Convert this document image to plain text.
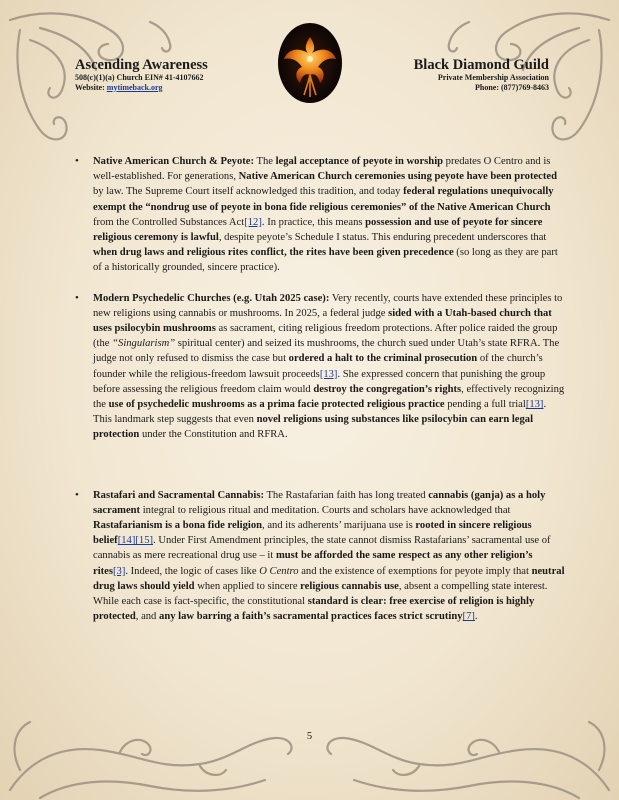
Ascending Awareness

508(c)(1)(a) Church EIN# 41-4107662
Website: mytimeback.org

Black Diamond Guild

Private Membership Association
Phone: (877)769-8463

• Native American Church & Peyote: The legal acceptance of peyote in worship predates O Centro and is well-established. For generations, Native American Church ceremonies using peyote have been protected by law. The Supreme Court itself acknowledged this tradition, and today federal regulations unequivocally exempt the “nondrug use of peyote in bona fide religious ceremonies” of the Native American Church from the Controlled Substances Act[12]. In practice, this means possession and use of peyote for sincere religious ceremony is lawful, despite peyote’s Schedule I status. This enduring precedent underscores that when drug laws and religious rites conflict, the rites have been given precedence (so long as they are part of a historically grounded, sincere practice).

• Modern Psychedelic Churches (e.g. Utah 2025 case): Very recently, courts have extended these principles to new religions using cannabis or mushrooms. In 2025, a federal judge sided with a Utah-based church that uses psilocybin mushrooms as sacrament, citing religious freedom protections. After police raided the group (the “Singularism” spiritual center) and seized its mushrooms, the church sued under Utah’s state RFRA. The judge not only refused to dismiss the case but ordered a halt to the criminal prosecution of the church’s founder while the religious-freedom lawsuit proceeds[13]. She expressed concern that punishing the group before assessing the religious freedom claim would destroy the congregation’s rights, effectively recognizing the use of psychedelic mushrooms as a prima facie protected religious practice pending a full trial[13]. This landmark step suggests that even novel religions using substances like psilocybin can earn legal protection under the Constitution and RFRA.

• Rastafari and Sacramental Cannabis: The Rastafarian faith has long treated cannabis (ganja) as a holy sacrament integral to religious ritual and meditation. Courts and scholars have acknowledged that Rastafarianism is a bona fide religion, and its adherents’ marijuana use is rooted in sincere religious belief[14][15]. Under First Amendment principles, the state cannot dismiss Rastafarians’ sacramental use of cannabis as mere recreational drug use – it must be afforded the same respect as any other religion’s rites[3]. Indeed, the logic of cases like O Centro and the existence of exemptions for peyote imply that neutral drug laws should yield when applied to sincere religious cannabis use, absent a compelling state interest. While each case is fact-specific, the constitutional standard is clear: free exercise of religion is highly protected, and any law barring a faith’s sacramental practices faces strict scrutiny[7].

5
